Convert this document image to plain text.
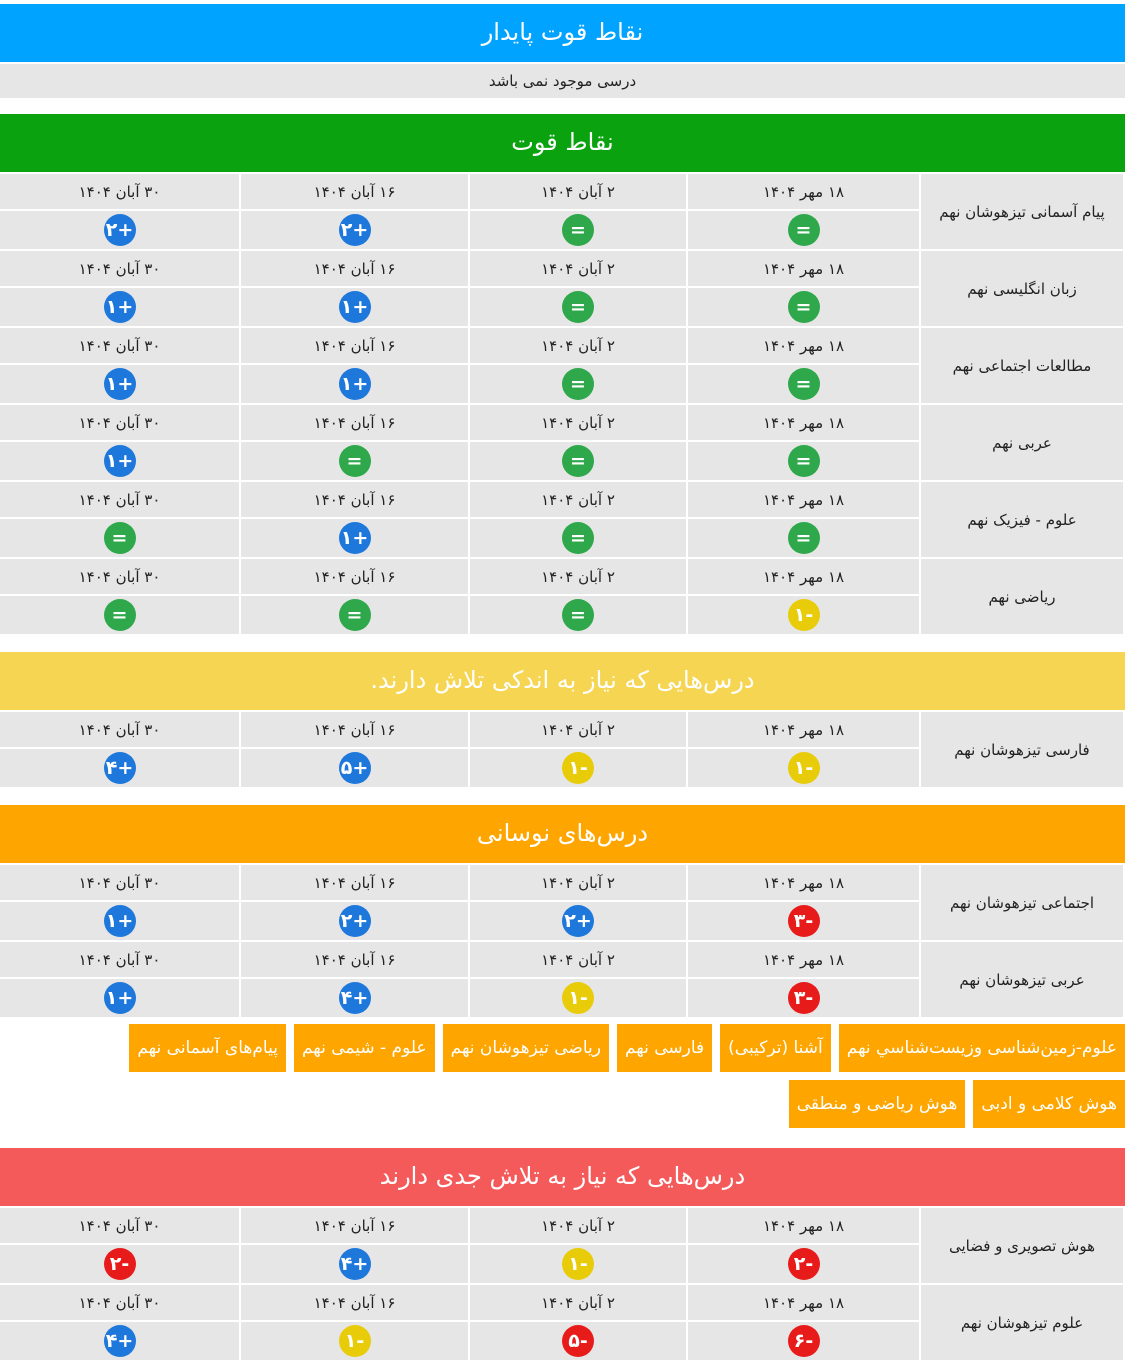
نقاط قوت پایدار
درسی موجود نمی باشد
نقاط قوت
پیام آسمانی تیزهوشان نهم	۱۸ مهر ۱۴۰۴	۲ آبان ۱۴۰۴	۱۶ آبان ۱۴۰۴	۳۰ آبان ۱۴۰۴
	=	=	۲+	۲+
زبان انگلیسی نهم	۱۸ مهر ۱۴۰۴	۲ آبان ۱۴۰۴	۱۶ آبان ۱۴۰۴	۳۰ آبان ۱۴۰۴
	=	=	۱+	۱+
مطالعات اجتماعی نهم	۱۸ مهر ۱۴۰۴	۲ آبان ۱۴۰۴	۱۶ آبان ۱۴۰۴	۳۰ آبان ۱۴۰۴
	=	=	۱+	۱+
عربی نهم	۱۸ مهر ۱۴۰۴	۲ آبان ۱۴۰۴	۱۶ آبان ۱۴۰۴	۳۰ آبان ۱۴۰۴
	=	=	=	۱+
علوم - فیزیک نهم	۱۸ مهر ۱۴۰۴	۲ آبان ۱۴۰۴	۱۶ آبان ۱۴۰۴	۳۰ آبان ۱۴۰۴
	=	=	۱+	=
ریاضی نهم	۱۸ مهر ۱۴۰۴	۲ آبان ۱۴۰۴	۱۶ آبان ۱۴۰۴	۳۰ آبان ۱۴۰۴
	۱-	=	=	=
درس‌هایی که نیاز به اندکی تلاش دارند.
فارسی تیزهوشان نهم	۱۸ مهر ۱۴۰۴	۲ آبان ۱۴۰۴	۱۶ آبان ۱۴۰۴	۳۰ آبان ۱۴۰۴
	۱-	۱-	۵+	۴+
درس‌های نوسانی
اجتماعی تیزهوشان نهم	۱۸ مهر ۱۴۰۴	۲ آبان ۱۴۰۴	۱۶ آبان ۱۴۰۴	۳۰ آبان ۱۴۰۴
	۳-	۲+	۲+	۱+
عربی تیزهوشان نهم	۱۸ مهر ۱۴۰۴	۲ آبان ۱۴۰۴	۱۶ آبان ۱۴۰۴	۳۰ آبان ۱۴۰۴
	۳-	۱-	۴+	۱+
علوم-زمین‌شناسی وزیست‌شناسي نهم
آشنا (ترکیبی)
فارسی نهم
ریاضی تیزهوشان نهم
علوم - شیمی نهم
پیام‌های آسمانی نهم
هوش کلامی و ادبی
هوش ریاضی و منطقی
درس‌هایی که نیاز به تلاش جدی دارند
هوش تصویری و فضایی	۱۸ مهر ۱۴۰۴	۲ آبان ۱۴۰۴	۱۶ آبان ۱۴۰۴	۳۰ آبان ۱۴۰۴
	۲-	۱-	۴+	۲-
علوم تیزهوشان نهم	۱۸ مهر ۱۴۰۴	۲ آبان ۱۴۰۴	۱۶ آبان ۱۴۰۴	۳۰ آبان ۱۴۰۴
	۶-	۵-	۱-	۴+
